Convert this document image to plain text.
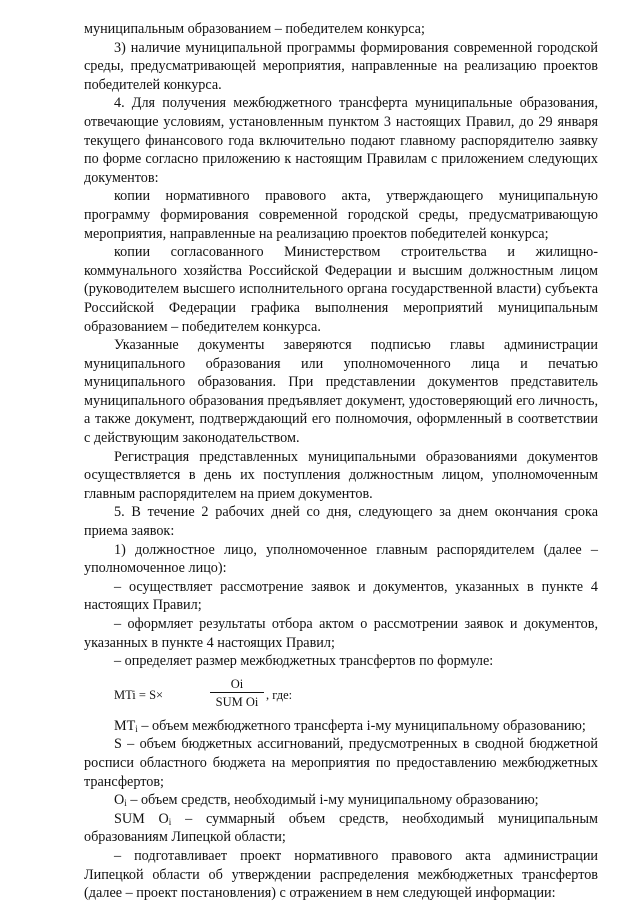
муниципальным образованием – победителем конкурса;

3) наличие муниципальной программы формирования современной городской среды, предусматривающей мероприятия, направленные на реализацию проектов победителей конкурса.

4. Для получения межбюджетного трансферта муниципальные образования, отвечающие условиям, установленным пунктом 3 настоящих Правил, до 29 января текущего финансового года включительно подают главному распорядителю заявку по форме согласно приложению к настоящим Правилам с приложением следующих документов:

копии нормативного правового акта, утверждающего муниципальную программу формирования современной городской среды, предусматривающую мероприятия, направленные на реализацию проектов победителей конкурса;

копии согласованного Министерством строительства и жилищно-коммунального хозяйства Российской Федерации и высшим должностным лицом (руководителем высшего исполнительного органа государственной власти) субъекта Российской Федерации графика выполнения мероприятий муниципальным образованием – победителем конкурса.

Указанные документы заверяются подписью главы администрации муниципального образования или уполномоченного лица и печатью муниципального образования. При представлении документов представитель муниципального образования предъявляет документ, удостоверяющий его личность, а также документ, подтверждающий его полномочия, оформленный в соответствии с действующим законодательством.

Регистрация представленных муниципальными образованиями документов осуществляется в день их поступления должностным лицом, уполномоченным главным распорядителем на прием документов.

5. В течение 2 рабочих дней со дня, следующего за днем окончания срока приема заявок:

1) должностное лицо, уполномоченное главным распорядителем (далее – уполномоченное лицо):

– осуществляет рассмотрение заявок и документов, указанных в пункте 4 настоящих Правил;

– оформляет результаты отбора актом о рассмотрении заявок и документов, указанных в пункте 4 настоящих Правил;

– определяет размер межбюджетных трансфертов по формуле:

MTi = S×
Oi
SUM Oi , где:

$MT_i$ – объем межбюджетного трансферта i-му муниципальному образованию;

S – объем бюджетных ассигнований, предусмотренных в сводной бюджетной росписи областного бюджета на мероприятия по предоставлению межбюджетных трансфертов;

$O_i$ – объем средств, необходимый i-му муниципальному образованию;

SUM $O_i$ – суммарный объем средств, необходимый муниципальным образованиям Липецкой области;

– подготавливает проект нормативного правового акта администрации Липецкой области об утверждении распределения межбюджетных трансфертов (далее – проект постановления) с отражением в нем следующей информации:
